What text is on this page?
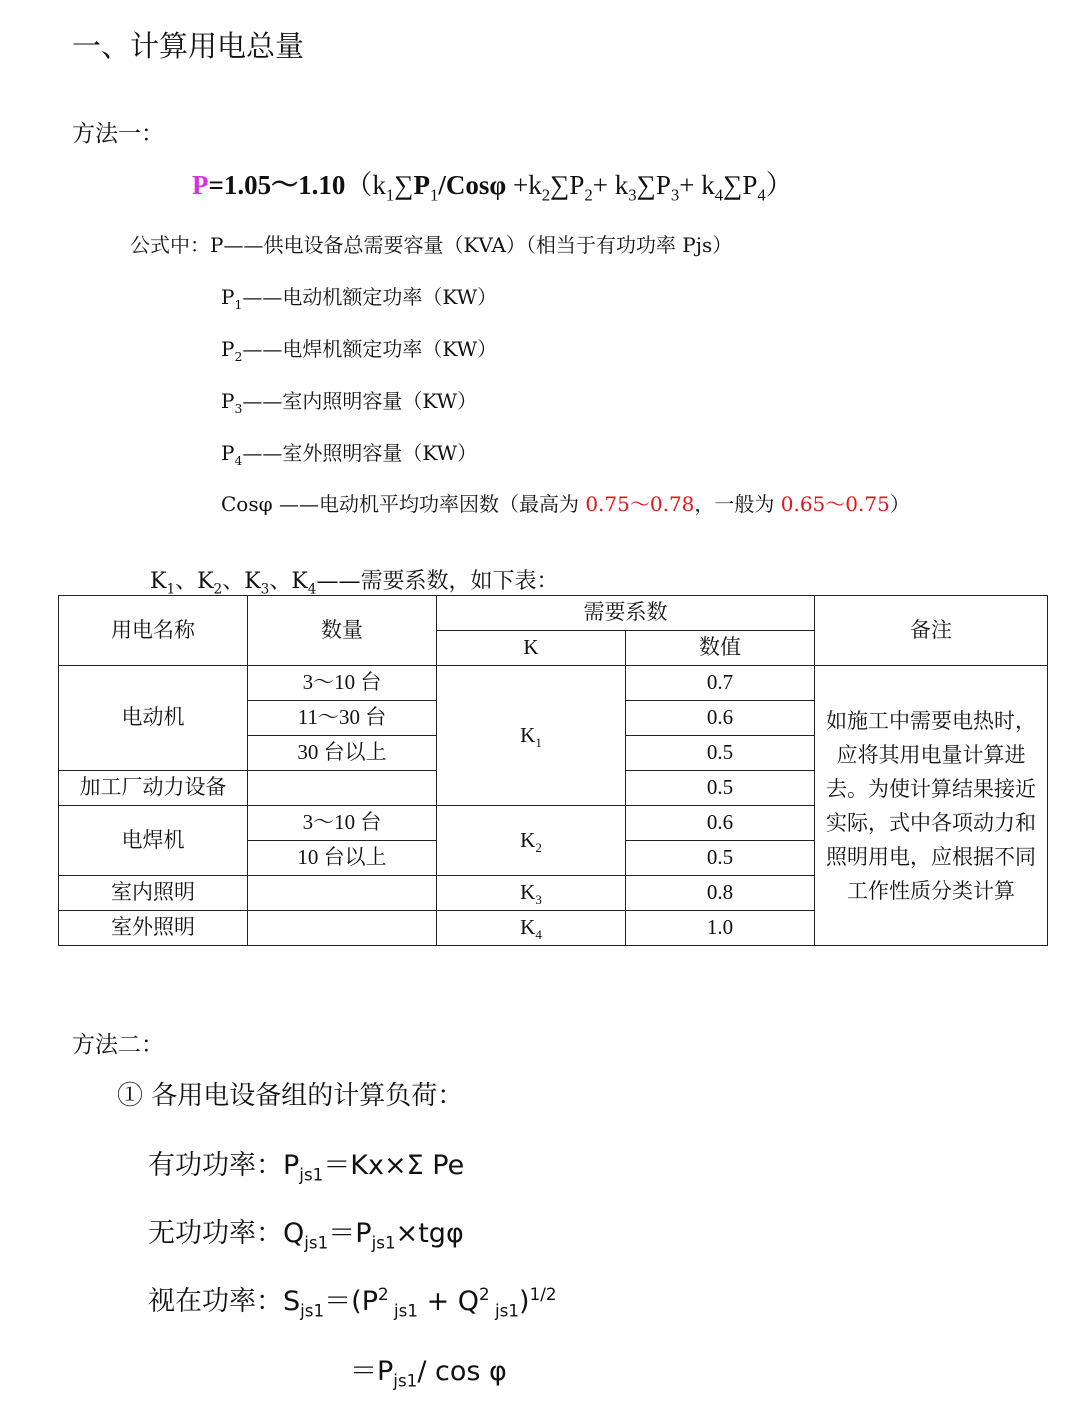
一、计算用电总量
方法一：
$P=1.05\sim 1.10(k_1\sum P_1$/Cosφ $+k_2\sum P_2+ k_3\sum P_3+ k_4\sum P_4$）
公式中：P——供电设备总需要容量（KVA）（相当于有功功率 Pjs）
$P_1——$电动机额定功率（KW）
$P_2——$电焊机额定功率（KW）
$P_3——$室内照明容量（KW）
$P_4——$室外照明容量（KW）
Cosφ ——电动机平均功率因数（最高为 0.75～0.78，一般为 0.65～0.75）
$K_1$、$K_2$、$K_3$、$K_4——$需要系数，如下表：
用电名称	数量	需要系数		备注
		K	数值	
电动机	3～10 台	$K_1$	0.7	如施工中需要电热时，应将其用电量计算进去。为使计算结果接近实际，式中各项动力和照明用电，应根据不同工作性质分类计算
	11～30 台		0.6	
	30 台以上		0.5	
加工厂动力设备			0.5	
电焊机	3～10 台	$K_2$	0.6	
	10 台以上		0.5	
室内照明		$K_3$	0.8	
室外照明		$K_4$	1.0	
方法二：
① 各用电设备组的计算负荷：
有功功率：$P_{js1}=Kx\times\Sigma$ Pe
无功功率：$Q_{js1}=P_{js1}\times tg\varphi$
视在功率：$S_{js1}=(P^2$ $_{js1} + Q^2$ $_{js1}$)$^{1/2}$
$=P_{js1}/$ cos φ
